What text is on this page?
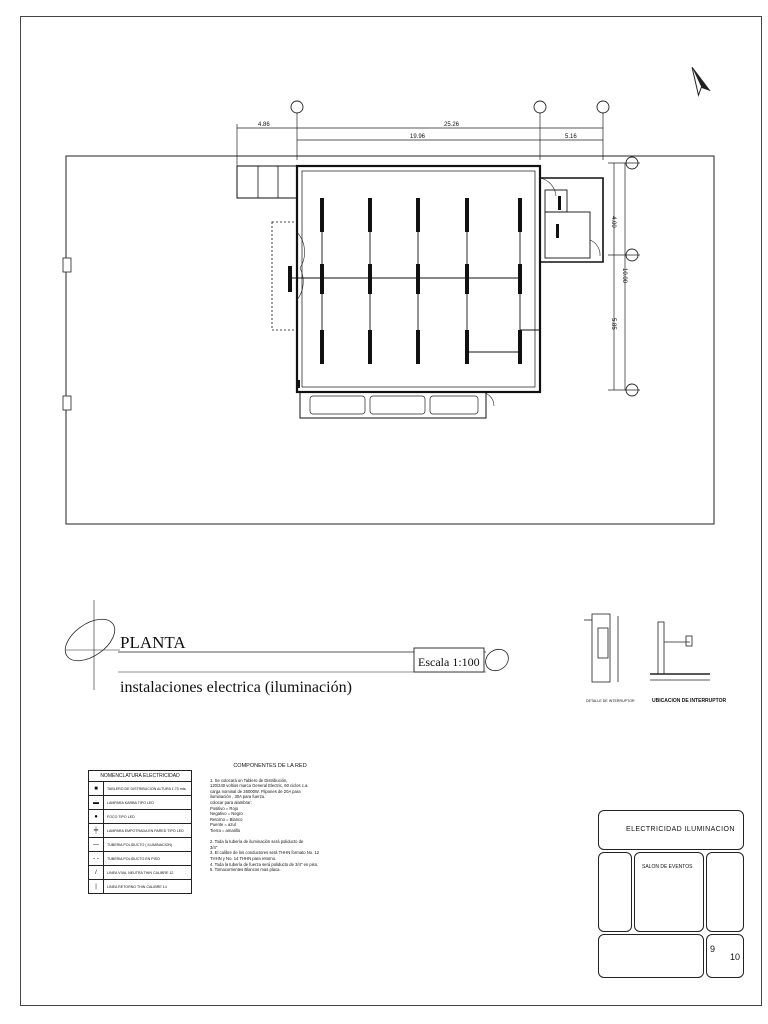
4.86	25.26
19.96	5.16
4.00
10.00
5.85
PLANTA
instalaciones electrica (iluminación)
Escala 1:100
DETALLE DE INTERRUPTOR	UBICACION DE INTERRUPTOR
NOMENCLATURA ELECTRICIDAD
■	TABLERO DE DISTRIBUCION ALTURA 1.70 mts.
▬	LAMPARA KARBA TIPO LED
●	FOCO TIPO LED
╪	LAMPARA EMPOTRADA EN PARED TIPO LED
—	TUBERIA POLIDUCTO ( ILUMINACION)
- -	TUBERIA POLIDUCTO EN PISO
/	LINEA VIVA, NEUTRA THIN CALIBRE 12
|	LINEA RETORNO THIN CALIBRE 14
COMPONENTES DE LA RED
1. Se colocará un Tablero de Distribución,
120/240 voltios marca General Electric, 60 ciclos c.a.
carga nominal de 26000W. Flipones de 20A para
iluminación , 30A para fuerza.
colocar para alambrar:
Positivo = Rojo
Negativo = Negro
Retorno = Blanco
Puente = azul
Tierra = amarillo

2. Toda la tubería de iluminación será poliducto de
3/4"
3. El calibre de los conductores será THHN formato No. 12
THHN y No. 14 THHN para retorno.
4. Toda la tubería de fuerza será poliducto de 3/4" en piso.
5. Tomacorrientes Blancos mas placa.
ELECTRICIDAD ILUMINACION
SALON DE EVENTOS
9
10
